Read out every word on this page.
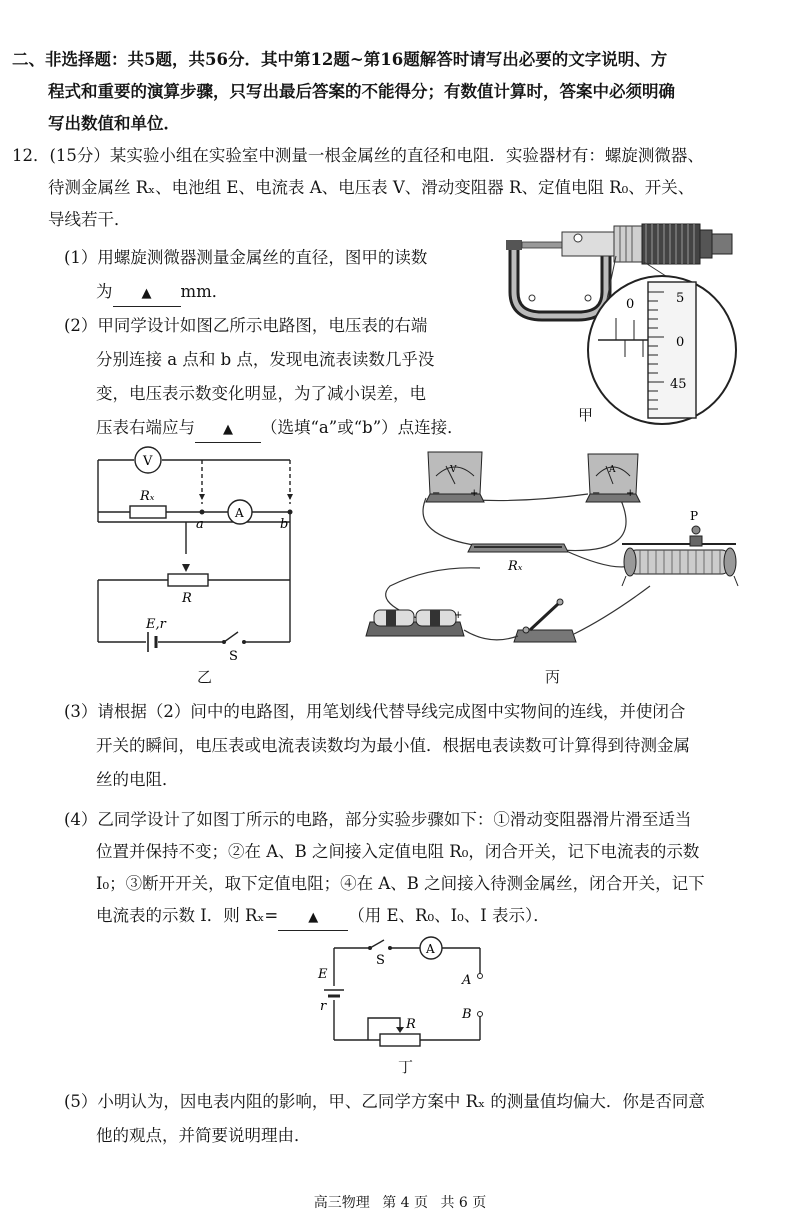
二、非选择题：共5题，共56分．其中第12题~第16题解答时请写出必要的文字说明、方
程式和重要的演算步骤，只写出最后答案的不能得分；有数值计算时，答案中必须明确
写出数值和单位．
12．(15分）某实验小组在实验室中测量一根金属丝的直径和电阻．实验器材有：螺旋测微器、
待测金属丝 Rₓ、电池组 E、电流表 A、电压表 V、滑动变阻器 R、定值电阻 R₀、开关、
导线若干．
(1）用螺旋测微器测量金属丝的直径，图甲的读数
为 ▲ mm．
(2）甲同学设计如图乙所示电路图，电压表的右端
分别连接 a 点和 b 点，发现电流表读数几乎没
变，电压表示数变化明显，为了减小误差，电
压表右端应与 ▲ （选填“a”或“b”）点连接．
0	5
0
45
甲
V
Rₓ
a
A
b
R
E,r
S
乙
V
−	+
A
−	+
Rₓ
P
+
丙
(3）请根据（2）问中的电路图，用笔划线代替导线完成图中实物间的连线，并使闭合
开关的瞬间，电压表或电流表读数均为最小值．根据电表读数可计算得到待测金属
丝的电阻．
(4）乙同学设计了如图丁所示的电路，部分实验步骤如下：①滑动变阻器滑片滑至适当
位置并保持不变；②在 A、B 之间接入定值电阻 R₀，闭合开关，记下电流表的示数
I₀；③断开开关，取下定值电阻；④在 A、B 之间接入待测金属丝，闭合开关，记下
电流表的示数 I．则 Rₓ= ▲ （用 E、R₀、I₀、I 表示）．
S
A
E
r
A
B
R
丁
(5）小明认为，因电表内阻的影响，甲、乙同学方案中 Rₓ 的测量值均偏大．你是否同意
他的观点，并简要说明理由．
高三物理 第 4 页 共 6 页
